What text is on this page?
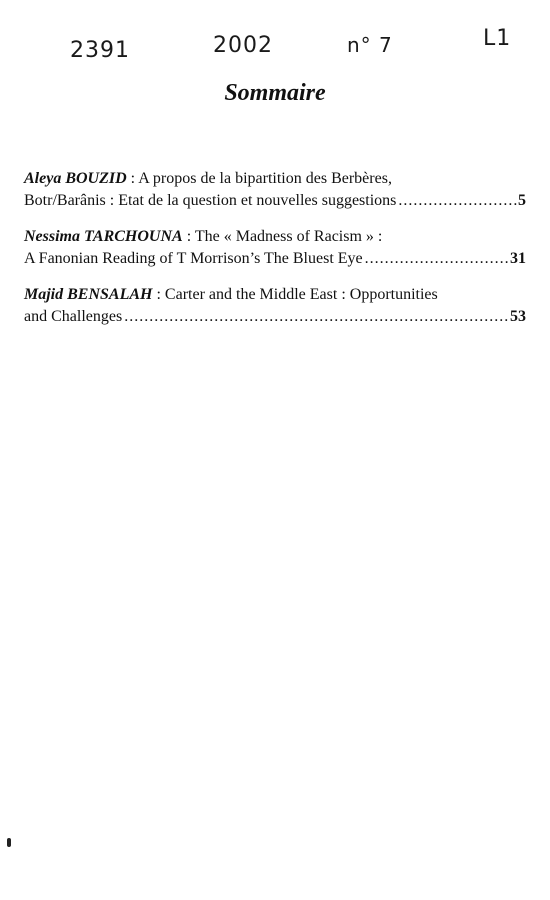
2391	2002	n° 7	L1
Sommaire
Aleya BOUZID : A propos de la bipartition des Berbères,
Botr/Barânis : Etat de la question et nouvelles suggestions .....	5
Nessima TARCHOUNA : The « Madness of Racism » :
A Fanonian Reading of T Morrison’s The Bluest Eye .....	31
Majid BENSALAH : Carter and the Middle East : Opportunities
and Challenges .....	53
